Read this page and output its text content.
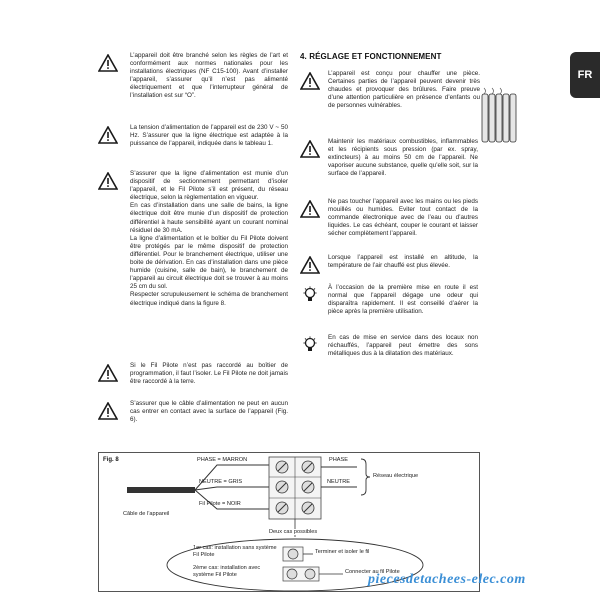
FR
L’appareil doit être branché selon les règles de l’art et conformément aux normes nationales pour les installations électriques (NF C15-100). Avant d’installer l’appareil, s’assurer qu’il n’est pas alimenté électriquement et que l’interrupteur général de l’installation est sur “O”.
La tension d’alimentation de l’appareil est de 230 V ~ 50 Hz. S’assurer que la ligne électrique est adaptée à la puissance de l’appareil, indiquée dans le tableau 1.

S’assurer que la ligne d’alimentation est munie d’un dispositif de sectionnement permettant d’isoler l’appareil, et le Fil Pilote s’il est présent, du réseau électrique, selon la règlementation en vigueur.

En cas d’installation dans une salle de bains, la ligne électrique doit être munie d’un dispositif de protection différentiel à haute sensibilité ayant un courant nominal résiduel de 30 mA.

La ligne d’alimentation et le boîtier du Fil Pilote doivent être protégés par le même dispositif de protection différentiel. Pour le branchement électrique, utiliser une boite de dérivation. En cas d’installation dans une pièce humide (cuisine, salle de bain), le branchement de l’appareil au circuit électrique doit se trouver à au moins 25 cm du sol.

Respecter scrupuleusement le schéma de branchement électrique indiqué dans la figure 8.

Si le Fil Pilote n’est pas raccordé au boîtier de programmation, il faut l’isoler. Le Fil Pilote ne doit jamais être raccordé à la terre.
S’assurer que le câble d’alimentation ne peut en aucun cas entrer en contact avec la surface de l’appareil (Fig. 6).
4. RÉGLAGE ET FONCTIONNEMENT
L’appareil est conçu pour chauffer une pièce. Certaines parties de l’appareil peuvent devenir très chaudes et provoquer des brûlures. Faire preuve d’une attention particulière en présence d’enfants ou de personnes vulnérables.
Maintenir les matériaux combustibles, inflammables et les récipients sous pression (par ex. spray, extincteurs) à au moins 50 cm de l’appareil. Ne vaporiser aucune substance, quelle qu’elle soit, sur la surface de l’appareil.
Ne pas toucher l’appareil avec les mains ou les pieds mouillés ou humides. Eviter tout contact de la commande électronique avec de l’eau ou d’autres liquides. Le cas échéant, couper le courant et laisser sécher complètement l’appareil.
Lorsque l’appareil est installé en altitude, la température de l’air chauffé est plus élevée.
À l’occasion de la première mise en route il est normal que l’appareil dégage une odeur qui disparaîtra rapidement. Il est conseillé d’aérer la pièce après la première utilisation.
En cas de mise en service dans des locaux non réchauffés, l’appareil peut émettre des sons métalliques dus à la dilatation des matériaux.
Fig. 8	PHASE = MARRON
NEUTRE = GRIS
Fil Pilote = NOIR
PHASE
NEUTRE
Réseau électrique
Câble de l’appareil
Deux cas possibles
1er cas: installation sans système Fil Pilote	Terminer et isoler le fil
2ème cas: installation avec système Fil Pilote	Connecter au fil Pilote
piecesdetachees-elec.com
